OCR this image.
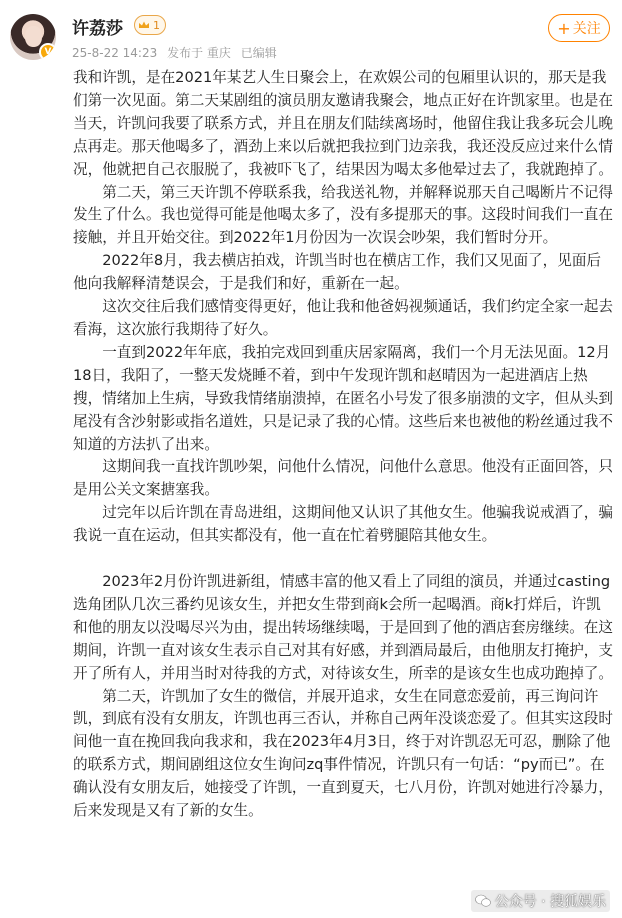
V
许荔莎	1
25-8-22 14:23 发布于 重庆 已编辑
+ 关注

我和许凯，是在2021年某艺人生日聚会上，在欢娱公司的包厢里认识的，那天是我们第一次见面。第二天某剧组的演员朋友邀请我聚会，地点正好在许凯家里。也是在当天，许凯问我要了联系方式，并且在朋友们陆续离场时，他留住我让我多玩会儿晚点再走。那天他喝多了，酒劲上来以后就把我拉到门边亲我，我还没反应过来什么情况，他就把自己衣服脱了，我被吓飞了，结果因为喝太多他晕过去了，我就跑掉了。

第二天，第三天许凯不停联系我，给我送礼物，并解释说那天自己喝断片不记得发生了什么。我也觉得可能是他喝太多了，没有多提那天的事。这段时间我们一直在接触，并且开始交往。到2022年1月份因为一次误会吵架，我们暂时分开。

2022年8月，我去横店拍戏，许凯当时也在横店工作，我们又见面了，见面后他向我解释清楚误会，于是我们和好，重新在一起。

这次交往后我们感情变得更好，他让我和他爸妈视频通话，我们约定全家一起去看海，这次旅行我期待了好久。

一直到2022年年底，我拍完戏回到重庆居家隔离，我们一个月无法见面。12月18日，我阳了，一整天发烧睡不着，到中午发现许凯和赵晴因为一起进酒店上热搜，情绪加上生病，导致我情绪崩溃掉，在匿名小号发了很多崩溃的文字，但从头到尾没有含沙射影或指名道姓，只是记录了我的心情。这些后来也被他的粉丝通过我不知道的方法扒了出来。

这期间我一直找许凯吵架，问他什么情况，问他什么意思。他没有正面回答，只是用公关文案搪塞我。

过完年以后许凯在青岛进组，这期间他又认识了其他女生。他骗我说戒酒了，骗我说一直在运动，但其实都没有，他一直在忙着劈腿陪其他女生。

2023年2月份许凯进新组，情感丰富的他又看上了同组的演员，并通过casting选角团队几次三番约见该女生，并把女生带到商k会所一起喝酒。商k打烊后，许凯和他的朋友以没喝尽兴为由，提出转场继续喝，于是回到了他的酒店套房继续。在这期间，许凯一直对该女生表示自己对其有好感，并到酒局最后，由他朋友打掩护，支开了所有人，并用当时对待我的方式，对待该女生，所幸的是该女生也成功跑掉了。

第二天，许凯加了女生的微信，并展开追求，女生在同意恋爱前，再三询问许凯，到底有没有女朋友，许凯也再三否认，并称自己两年没谈恋爱了。但其实这段时间他一直在挽回我向我求和，我在2023年4月3日，终于对许凯忍无可忍，删除了他的联系方式，期间剧组这位女生询问zq事件情况，许凯只有一句话：“py而已”。在确认没有女朋友后，她接受了许凯，一直到夏天，七八月份，许凯对她进行冷暴力，后来发现是又有了新的女生。

公众号 · 搜狐娱乐
